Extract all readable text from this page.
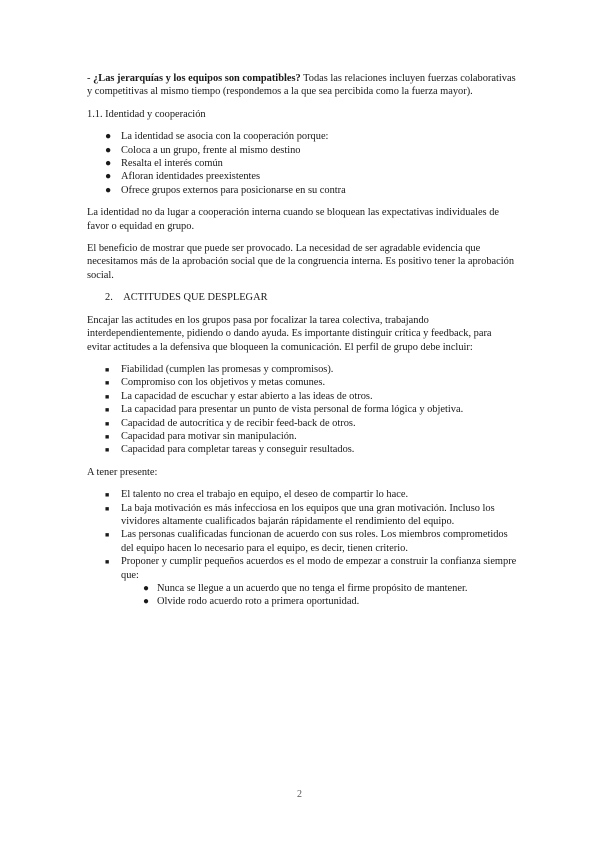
- ¿Las jerarquías y los equipos son compatibles? Todas las relaciones incluyen fuerzas colaborativas y competitivas al mismo tiempo (respondemos a la que sea percibida como la fuerza mayor).

1.1. Identidad y cooperación

● La identidad se asocia con la cooperación porque:
● Coloca a un grupo, frente al mismo destino
● Resalta el interés común
● Afloran identidades preexistentes
● Ofrece grupos externos para posicionarse en su contra

La identidad no da lugar a cooperación interna cuando se bloquean las expectativas individuales de favor o equidad en grupo.

El beneficio de mostrar que puede ser provocado. La necesidad de ser agradable evidencia que necesitamos más de la aprobación social que de la congruencia interna. Es positivo tener la aprobación social.

2. ACTITUDES QUE DESPLEGAR

Encajar las actitudes en los grupos pasa por focalizar la tarea colectiva, trabajando interdependientemente, pidiendo o dando ayuda. Es importante distinguir crítica y feedback, para evitar actitudes a la defensiva que bloqueen la comunicación. El perfil de grupo debe incluir:

■	Fiabilidad (cumplen las promesas y compromisos).
■	Compromiso con los objetivos y metas comunes.
■	La capacidad de escuchar y estar abierto a las ideas de otros.
■	La capacidad para presentar un punto de vista personal de forma lógica y objetiva.
■	Capacidad de autocrítica y de recibir feed-back de otros.
■	Capacidad para motivar sin manipulación.
■	Capacidad para completar tareas y conseguir resultados.

A tener presente:

■	El talento no crea el trabajo en equipo, el deseo de compartir lo hace.
■	La baja motivación es más infecciosa en los equipos que una gran motivación. Incluso los vividores altamente cualificados bajarán rápidamente el rendimiento del equipo.
■	Las personas cualificadas funcionan de acuerdo con sus roles. Los miembros comprometidos del equipo hacen lo necesario para el equipo, es decir, tienen criterio.
■	Proponer y cumplir pequeños acuerdos es el modo de empezar a construir la confianza siempre que:
● Nunca se llegue a un acuerdo que no tenga el firme propósito de mantener.
● Olvide rodo acuerdo roto a primera oportunidad.
2
